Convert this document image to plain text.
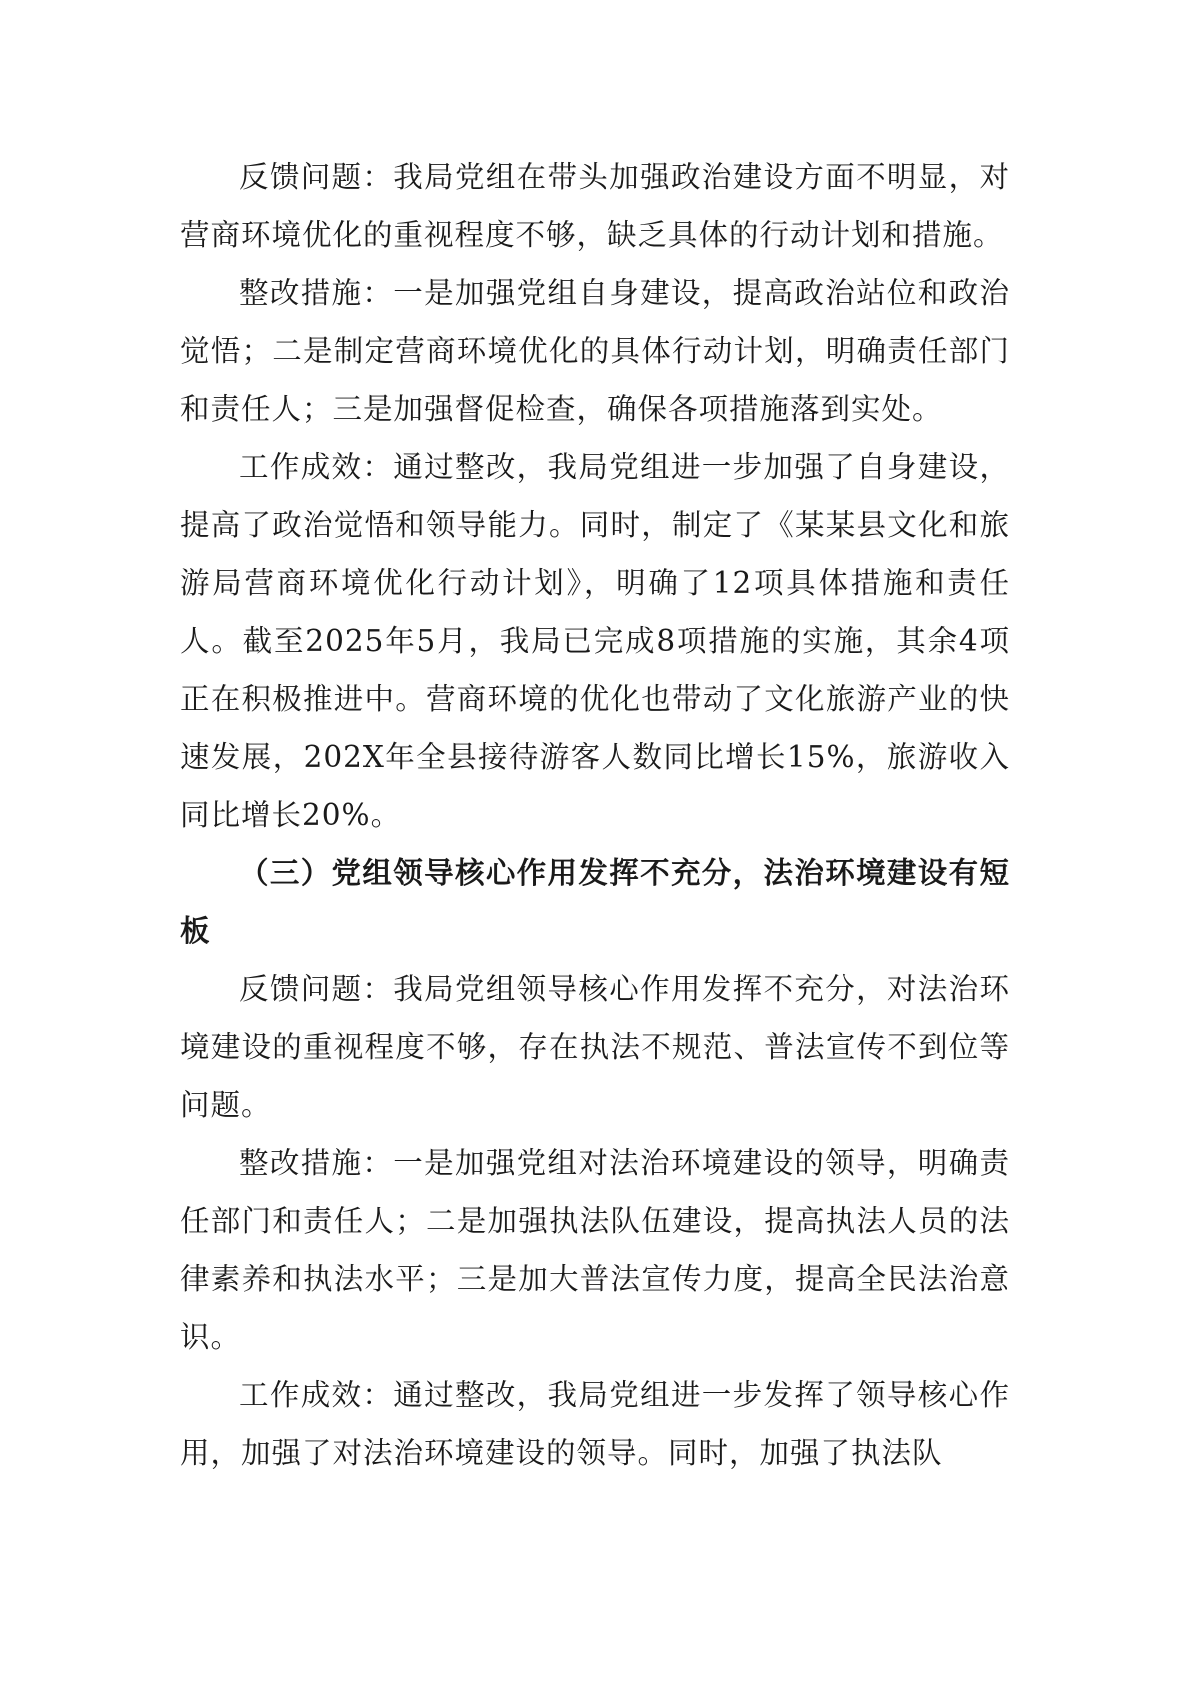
反馈问题：我局党组在带头加强政治建设方面不明显，对营商环境优化的重视程度不够，缺乏具体的行动计划和措施。

整改措施：一是加强党组自身建设，提高政治站位和政治觉悟；二是制定营商环境优化的具体行动计划，明确责任部门和责任人；三是加强督促检查，确保各项措施落到实处。

工作成效：通过整改，我局党组进一步加强了自身建设，提高了政治觉悟和领导能力。同时，制定了《某某县文化和旅游局营商环境优化行动计划》，明确了12项具体措施和责任人。截至2025年5月，我局已完成8项措施的实施，其余4项正在积极推进中。营商环境的优化也带动了文化旅游产业的快速发展，202X年全县接待游客人数同比增长15%，旅游收入同比增长20%。

（三）党组领导核心作用发挥不充分，法治环境建设有短板

反馈问题：我局党组领导核心作用发挥不充分，对法治环境建设的重视程度不够，存在执法不规范、普法宣传不到位等问题。

整改措施：一是加强党组对法治环境建设的领导，明确责任部门和责任人；二是加强执法队伍建设，提高执法人员的法律素养和执法水平；三是加大普法宣传力度，提高全民法治意识。

工作成效：通过整改，我局党组进一步发挥了领导核心作用，加强了对法治环境建设的领导。同时，加强了执法队
